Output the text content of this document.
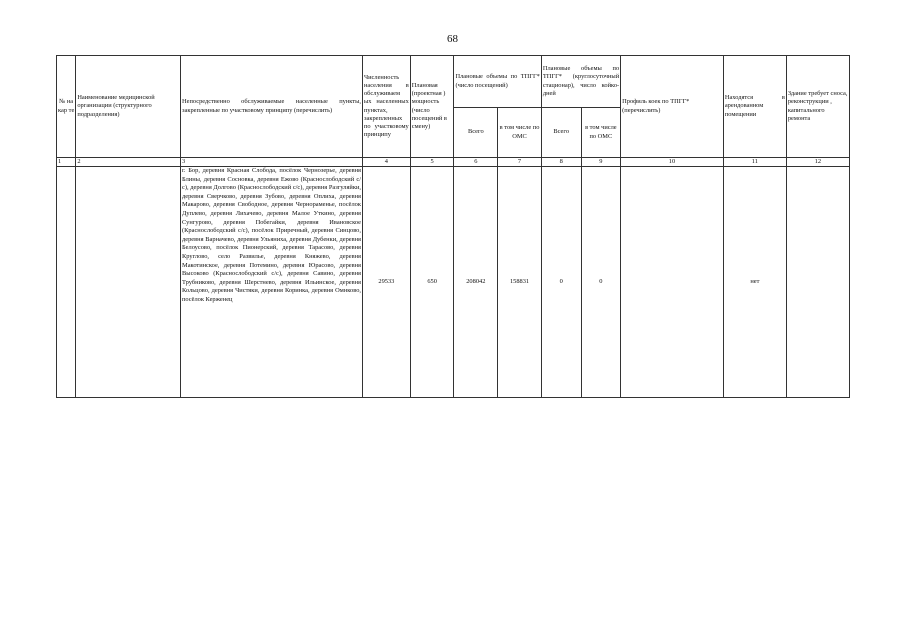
68
№ на кар те	Наименование медицинской организации (структурного подразделения)	Непосредственно обслуживаемые населенные пункты, закрепленные по участковому принципу (перечислить)	Численность населения в обслуживаем ых населенных пунктах, закрепленных по участковому принципу	Плановая (проектная ) мощность (число посещений в смену)	Плановые объемы по ТПГГ* (число посещений)		Плановые объемы по ТПГГ* (круглосуточный стационар), число койко-дней		Профиль коек по ТПГГ* (перечислить)	Находятся в арендованном помещении	Здание требует сноса, реконструкции , капитального ремонта
					Всего	в том числе по ОМС	Всего	в том числе по ОМС			
1	2	3	4	5	6	7	8	9	10	11	12
		г. Бор, деревня Красная Слобода, посёлок Чернозерье, деревня Блины, деревня Сосновка, деревня Ежово (Краснослободский с/с), деревня Долгово (Краснослободский с/с), деревня Разгуляйки, деревня Сверчково, деревня Зубово, деревня Оплиха, деревня Макарово, деревня Свободное, деревня Чернораменье, посёлок Дуплево, деревня Лихачево, деревня Малое Уткино, деревня Сунгурово, деревня Побегайки, деревня Ивановское (Краснослободский с/с), посёлок Приречный, деревня Синцово, деревня Варначево, деревня Ульяниха, деревня Дубенки, деревня Белоусово, посёлок Пионерский, деревня Тарасово, деревня Круглово, село Развилье, деревня Княжево, деревня Макотинское, деревня Потемино, деревня Юрасово, деревня Высоково (Краснослободский с/с), деревня Савино, деревня Трубниково, деревня Шерстнево, деревня Ильинское, деревня Кольцово, деревня Чистяки, деревня Коринка, деревня Омнково, посёлок Керженец	29533	650	208042	158831	0	0		нет	
